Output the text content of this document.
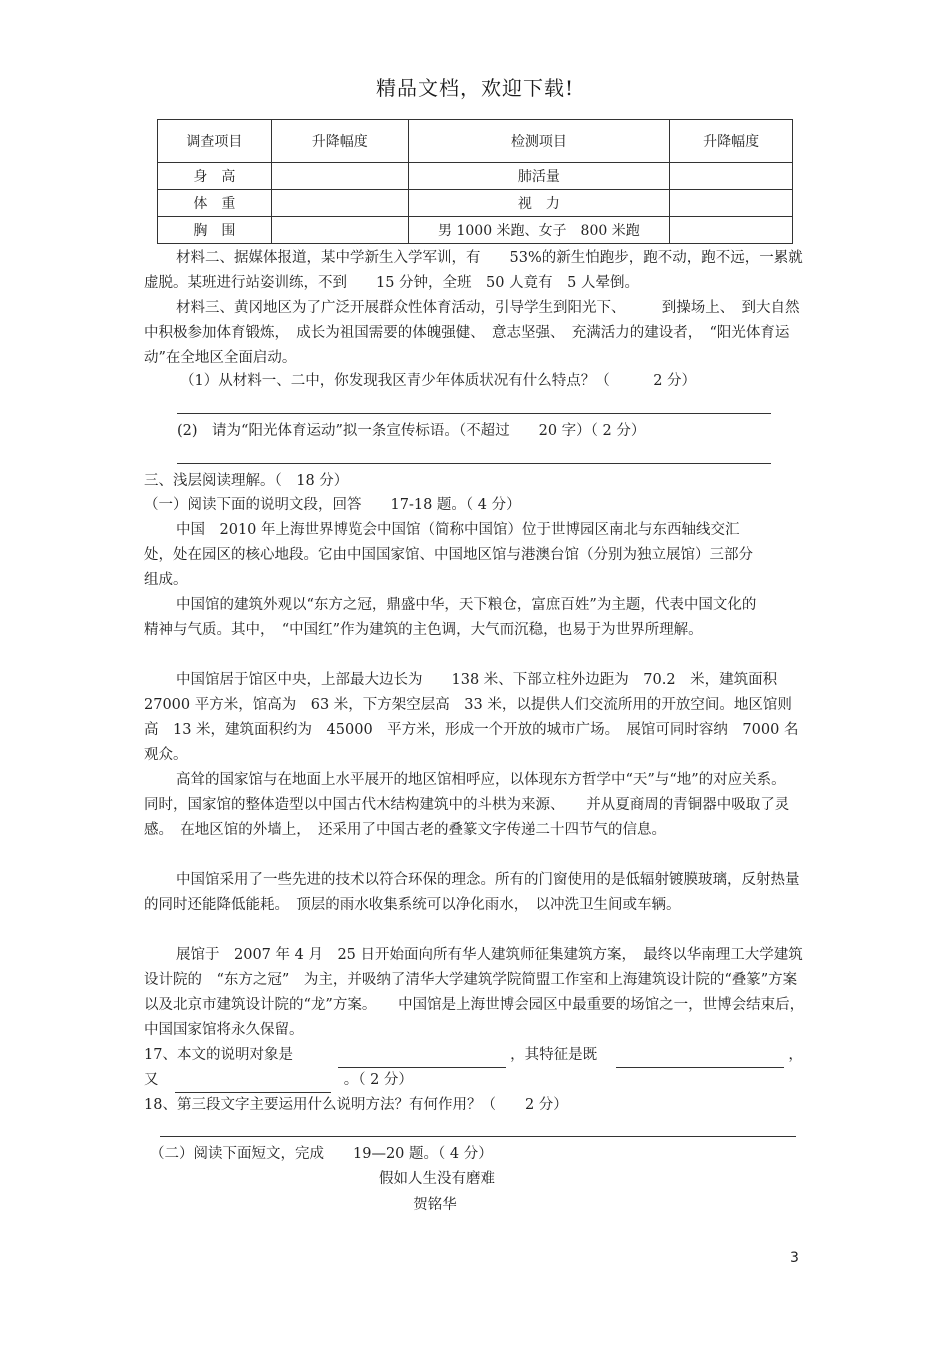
精品文档，欢迎下载!
调查项目	升降幅度	检测项目	升降幅度
身　高		肺活量	
体　重		视　力	
胸　围		男 1000 米跑、女子　800 米跑	

材料二、据媒体报道，某中学新生入学军训，有　　53%的新生怕跑步，跑不动，跑不远，一累就虚脱。某班进行站姿训练，不到　　15 分钟，全班　50 人竟有　5 人晕倒。

材料三、黄冈地区为了广泛开展群众性体育活动，引导学生到阳光下、　　　到操场上、　到大自然中积极参加体育锻炼，　成长为祖国需要的体魄强健、　意志坚强、　充满活力的建设者，　“阳光体育运动”在全地区全面启动。

（1）从材料一、二中，你发现我区青少年体质状况有什么特点？（　　　2 分）

(2)　请为“阳光体育运动”拟一条宣传标语。（不超过　　20 字）（ 2 分）

三、浅层阅读理解。（　18 分）

（一）阅读下面的说明文段，回答　　17-18 题。（ 4 分）

中国　2010 年上海世界博览会中国馆（简称中国馆）位于世博园区南北与东西轴线交汇处，处在园区的核心地段。它由中国国家馆、中国地区馆与港澳台馆（分别为独立展馆）三部分组成。

中国馆的建筑外观以“东方之冠，鼎盛中华，天下粮仓，富庶百姓”为主题，代表中国文化的精神与气质。其中，　“中国红”作为建筑的主色调，大气而沉稳，也易于为世界所理解。

中国馆居于馆区中央，上部最大边长为　　138 米、下部立柱外边距为　70.2　米，建筑面积 27000 平方米，馆高为　63 米，下方架空层高　33 米，以提供人们交流所用的开放空间。地区馆则高　13 米，建筑面积约为　45000　平方米，形成一个开放的城市广场。　展馆可同时容纳　7000 名观众。

高耸的国家馆与在地面上水平展开的地区馆相呼应，以体现东方哲学中“天”与“地”的对应关系。　同时，国家馆的整体造型以中国古代木结构建筑中的斗栱为来源、　　并从夏商周的青铜器中吸取了灵感。　在地区馆的外墙上，　还采用了中国古老的叠篆文字传递二十四节气的信息。

中国馆采用了一些先进的技术以符合环保的理念。所有的门窗使用的是低辐射镀膜玻璃，反射热量的同时还能降低能耗。　顶层的雨水收集系统可以净化雨水，　以冲洗卫生间或车辆。

展馆于　2007 年 4 月　25 日开始面向所有华人建筑师征集建筑方案，　最终以华南理工大学建筑设计院的　“东方之冠”　为主，并吸纳了清华大学建筑学院简盟工作室和上海建筑设计院的“叠篆”方案以及北京市建筑设计院的“龙”方案。　　中国馆是上海世博会园区中最重要的场馆之一，世博会结束后，中国国家馆将永久保留。

17、本文的说明对象是	，其特征是既	，
又	。（ 2 分）

18、第三段文字主要运用什么说明方法？有何作用？（　　2 分）

（二）阅读下面短文，完成　　19—20 题。（ 4 分）

假如人生没有磨难
贺铭华
3
